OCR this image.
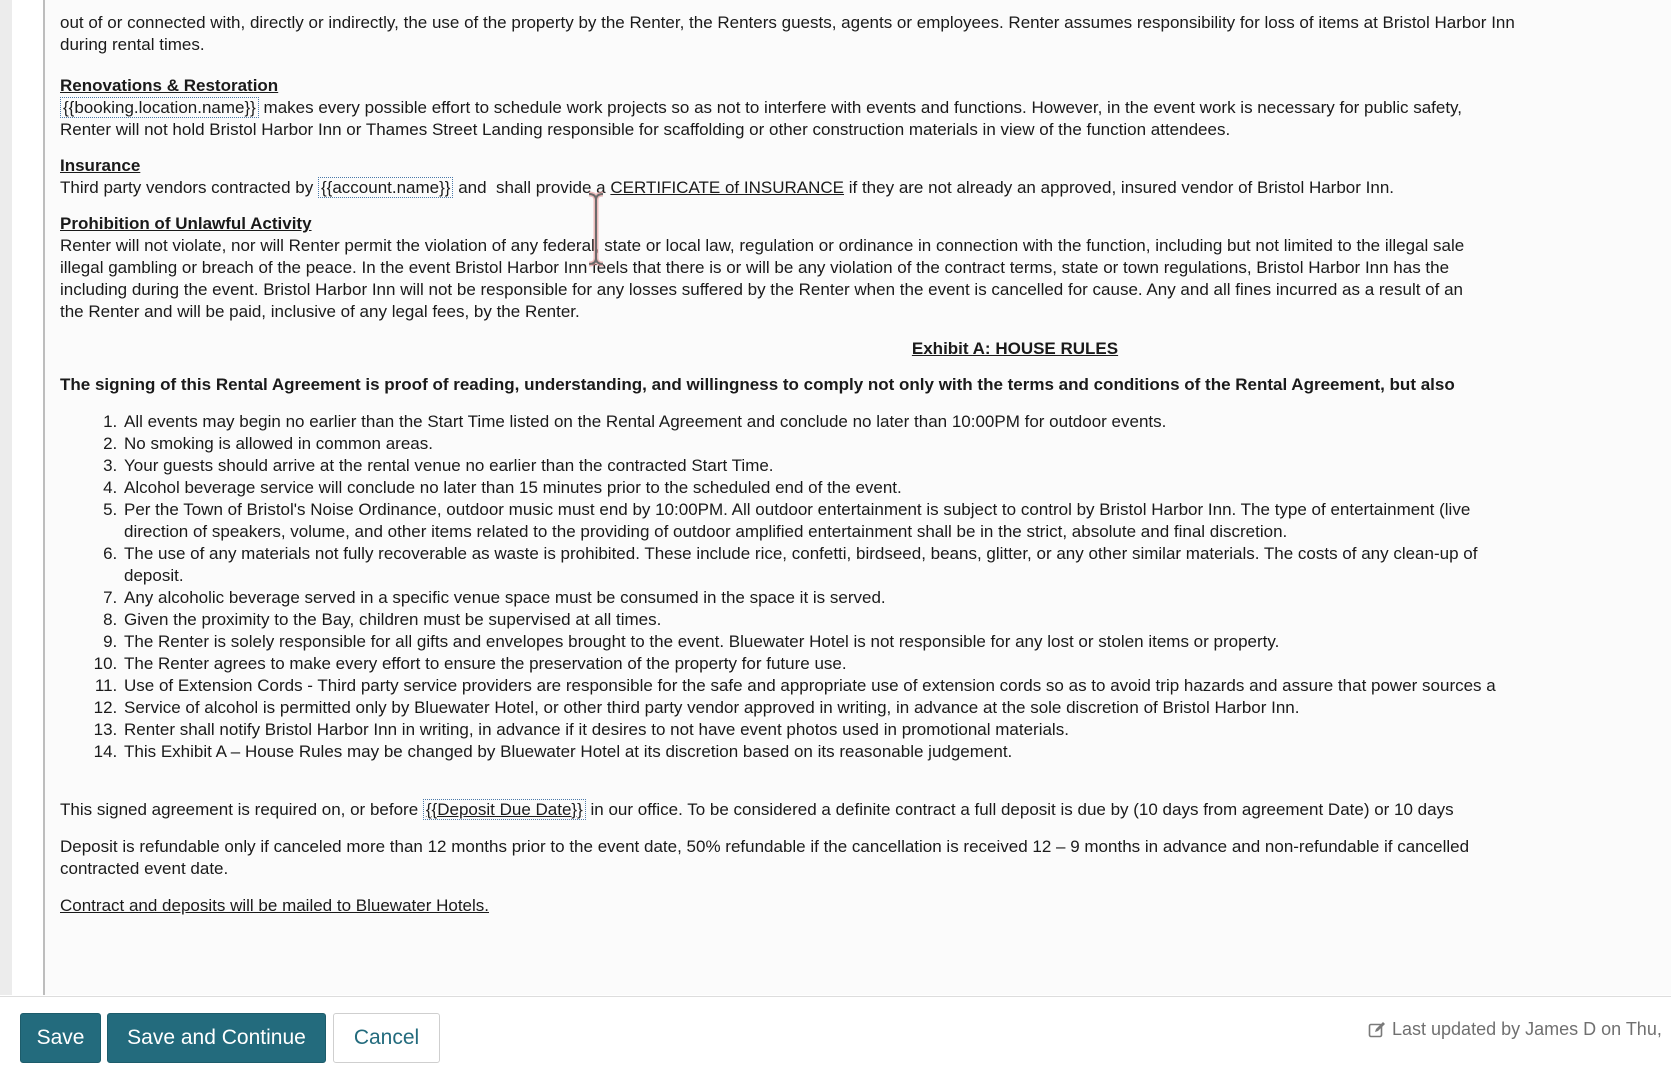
out of or connected with, directly or indirectly, the use of the property by the Renter, the Renters guests, agents or employees. Renter assumes responsibility for loss of items at Bristol Harbor Inn

during rental times.

Renovations & Restoration

{{booking.location.name}} makes every possible effort to schedule work projects so as not to interfere with events and functions. However, in the event work is necessary for public safety,

Renter will not hold Bristol Harbor Inn or Thames Street Landing responsible for scaffolding or other construction materials in view of the function attendees.

Insurance

Third party vendors contracted by {{account.name}} and  shall provide a CERTIFICATE of INSURANCE if they are not already an approved, insured vendor of Bristol Harbor Inn.

Prohibition of Unlawful Activity

Renter will not violate, nor will Renter permit the violation of any federal, state or local law, regulation or ordinance in connection with the function, including but not limited to the illegal sale

illegal gambling or breach of the peace. In the event Bristol Harbor Inn feels that there is or will be any violation of the contract terms, state or town regulations, Bristol Harbor Inn has the

including during the event. Bristol Harbor Inn will not be responsible for any losses suffered by the Renter when the event is cancelled for cause. Any and all fines incurred as a result of an

the Renter and will be paid, inclusive of any legal fees, by the Renter.

Exhibit A: HOUSE RULES

The signing of this Rental Agreement is proof of reading, understanding, and willingness to comply not only with the terms and conditions of the Rental Agreement, but also

1. All events may begin no earlier than the Start Time listed on the Rental Agreement and conclude no later than 10:00PM for outdoor events.
2. No smoking is allowed in common areas.
3. Your guests should arrive at the rental venue no earlier than the contracted Start Time.
4. Alcohol beverage service will conclude no later than 15 minutes prior to the scheduled end of the event.
5. Per the Town of Bristol's Noise Ordinance, outdoor music must end by 10:00PM. All outdoor entertainment is subject to control by Bristol Harbor Inn. The type of entertainment (live
direction of speakers, volume, and other items related to the providing of outdoor amplified entertainment shall be in the strict, absolute and final discretion.
6. The use of any materials not fully recoverable as waste is prohibited. These include rice, confetti, birdseed, beans, glitter, or any other similar materials. The costs of any clean-up of
deposit.
7. Any alcoholic beverage served in a specific venue space must be consumed in the space it is served.
8. Given the proximity to the Bay, children must be supervised at all times.
9. The Renter is solely responsible for all gifts and envelopes brought to the event. Bluewater Hotel is not responsible for any lost or stolen items or property.
10. The Renter agrees to make every effort to ensure the preservation of the property for future use.
11. Use of Extension Cords - Third party service providers are responsible for the safe and appropriate use of extension cords so as to avoid trip hazards and assure that power sources a
12. Service of alcohol is permitted only by Bluewater Hotel, or other third party vendor approved in writing, in advance at the sole discretion of Bristol Harbor Inn.
13. Renter shall notify Bristol Harbor Inn in writing, in advance if it desires to not have event photos used in promotional materials.
14. This Exhibit A – House Rules may be changed by Bluewater Hotel at its discretion based on its reasonable judgement.

This signed agreement is required on, or before {{Deposit Due Date}} in our office. To be considered a definite contract a full deposit is due by (10 days from agreement Date) or 10 days

Deposit is refundable only if canceled more than 12 months prior to the event date, 50% refundable if the cancellation is received 12 – 9 months in advance and non-refundable if cancelled

contracted event date.

Contract and deposits will be mailed to Bluewater Hotels.

Save	Save and Continue	Cancel	Last updated by James D on Thu,
